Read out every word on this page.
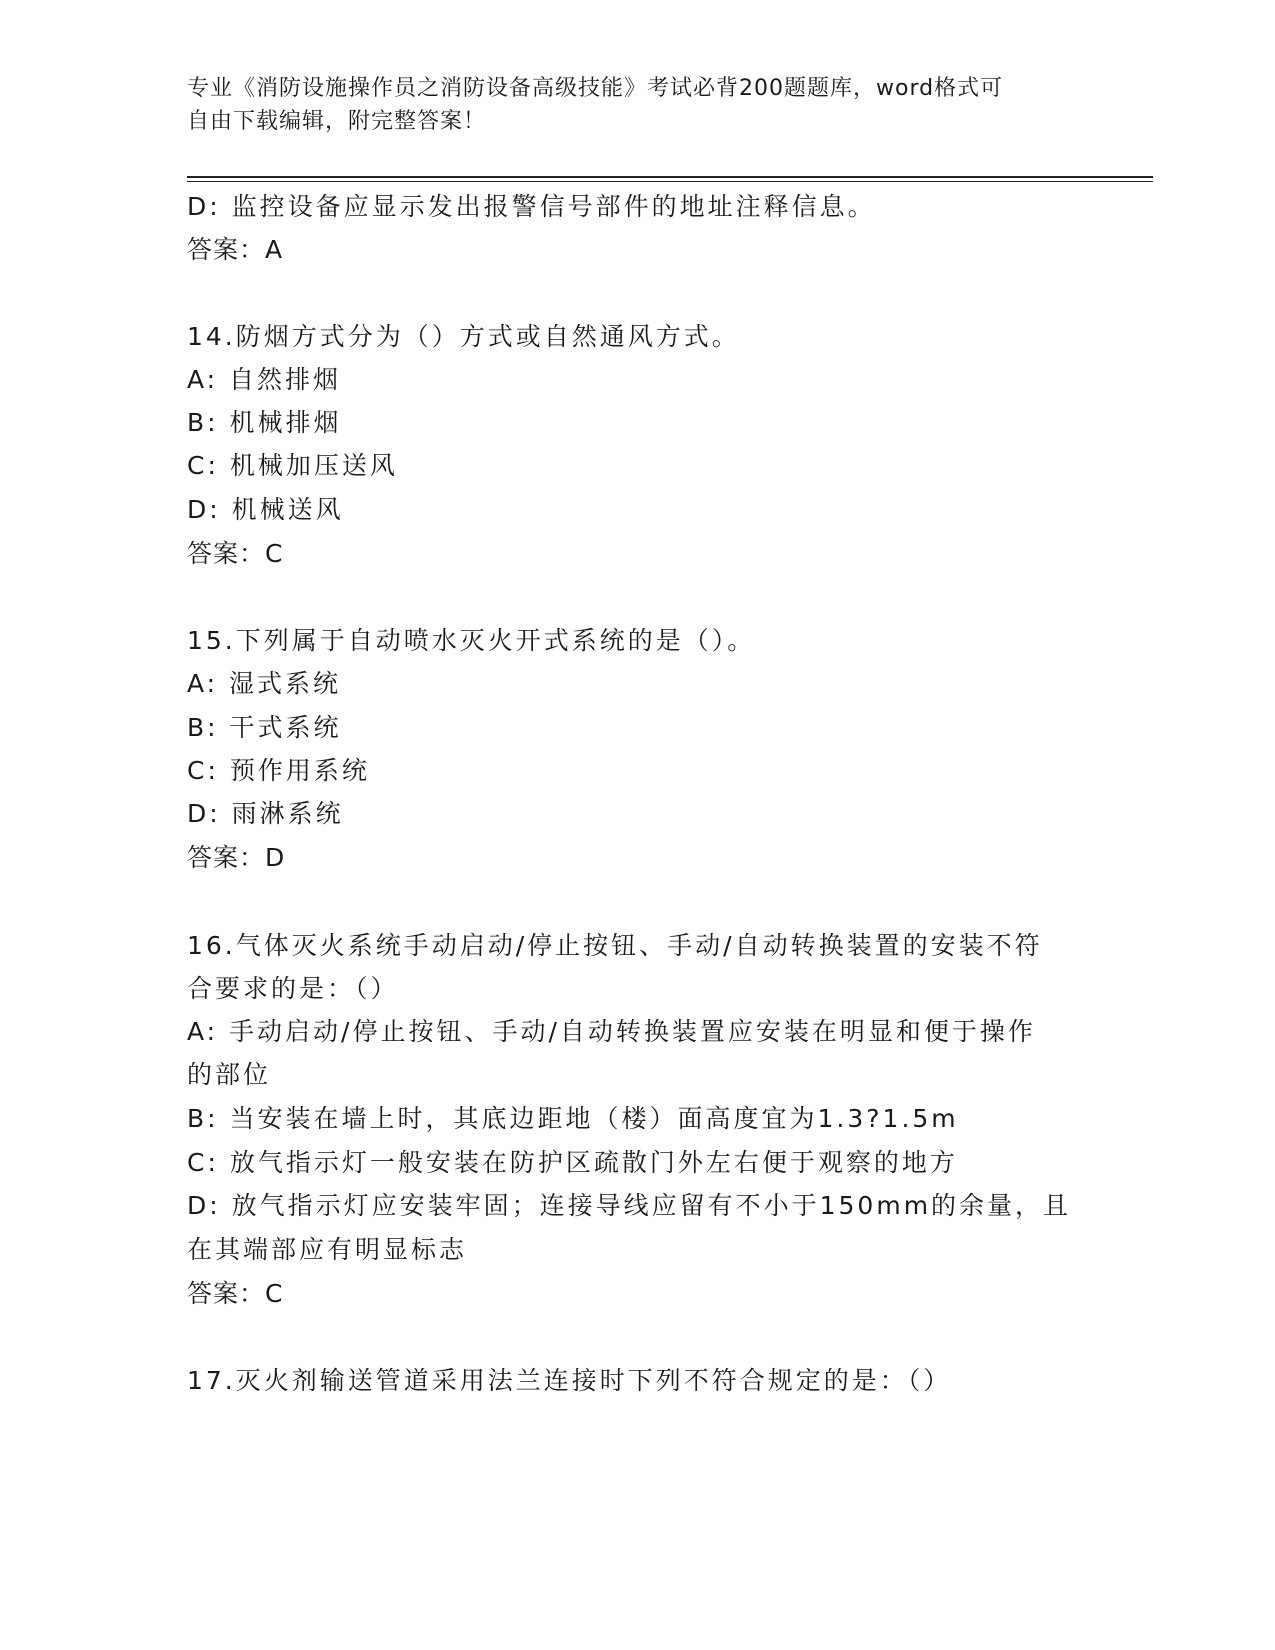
专业《消防设施操作员之消防设备高级技能》考试必背200题题库，word格式可
自由下载编辑，附完整答案！
D: 监控设备应显示发出报警信号部件的地址注释信息。
答案：A
14.防烟方式分为（）方式或自然通风方式。
A: 自然排烟
B: 机械排烟
C: 机械加压送风
D: 机械送风
答案：C
15.下列属于自动喷水灭火开式系统的是（）。
A: 湿式系统
B: 干式系统
C: 预作用系统
D: 雨淋系统
答案：D
16.气体灭火系统手动启动/停止按钮、手动/自动转换装置的安装不符
合要求的是：（）
A: 手动启动/停止按钮、手动/自动转换装置应安装在明显和便于操作
的部位
B: 当安装在墙上时，其底边距地（楼）面高度宜为1.3?1.5m
C: 放气指示灯一般安装在防护区疏散门外左右便于观察的地方
D: 放气指示灯应安装牢固；连接导线应留有不小于150mm的余量，且
在其端部应有明显标志
答案：C
17.灭火剂输送管道采用法兰连接时下列不符合规定的是：（）
